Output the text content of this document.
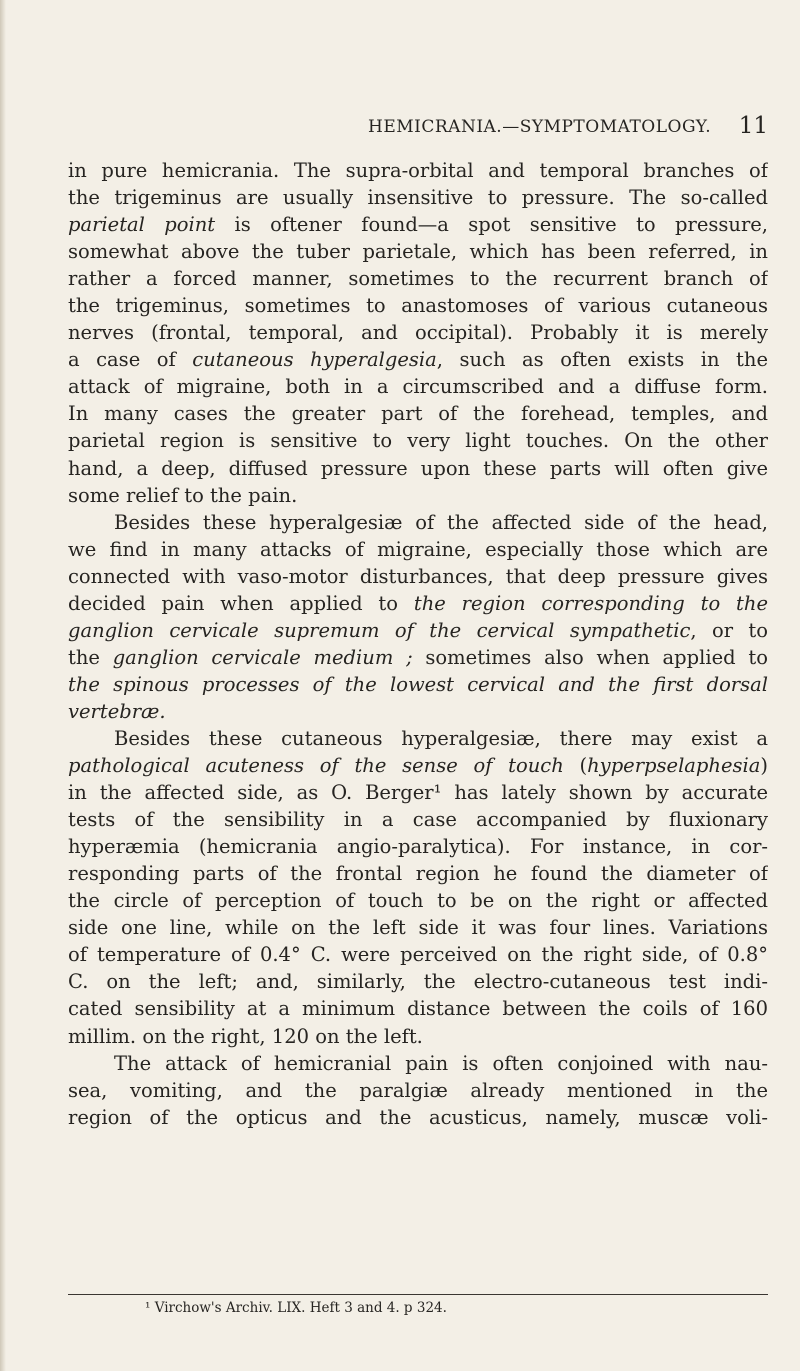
HEMICRANIA.—SYMPTOMATOLOGY. 11
in pure hemicrania. The supra-orbital and temporal branches of
the trigeminus are usually insensitive to pressure. The so-called
parietal point is oftener found—a spot sensitive to pressure,
somewhat above the tuber parietale, which has been referred, in
rather a forced manner, sometimes to the recurrent branch of
the trigeminus, sometimes to anastomoses of various cutaneous
nerves (frontal, temporal, and occipital). Probably it is merely
a case of cutaneous hyperalgesia, such as often exists in the
attack of migraine, both in a circumscribed and a diffuse form.
In many cases the greater part of the forehead, temples, and
parietal region is sensitive to very light touches. On the other
hand, a deep, diffused pressure upon these parts will often give
some relief to the pain.
Besides these hyperalgesiæ of the affected side of the head,
we find in many attacks of migraine, especially those which are
connected with vaso-motor disturbances, that deep pressure gives
decided pain when applied to the region corresponding to the
ganglion cervicale supremum of the cervical sympathetic, or to
the ganglion cervicale medium ; sometimes also when applied to
the spinous processes of the lowest cervical and the first dorsal
vertebræ.
Besides these cutaneous hyperalgesiæ, there may exist a
pathological acuteness of the sense of touch (hyperpselaphesia)
in the affected side, as O. Berger¹ has lately shown by accurate
tests of the sensibility in a case accompanied by fluxionary
hyperæmia (hemicrania angio-paralytica). For instance, in cor-
responding parts of the frontal region he found the diameter of
the circle of perception of touch to be on the right or affected
side one line, while on the left side it was four lines. Variations
of temperature of 0.4° C. were perceived on the right side, of 0.8°
C. on the left; and, similarly, the electro-cutaneous test indi-
cated sensibility at a minimum distance between the coils of 160
millim. on the right, 120 on the left.
The attack of hemicranial pain is often conjoined with nau-
sea, vomiting, and the paralgiæ already mentioned in the
region of the opticus and the acusticus, namely, muscæ voli-
¹ Virchow's Archiv. LIX. Heft 3 and 4. p 324.
